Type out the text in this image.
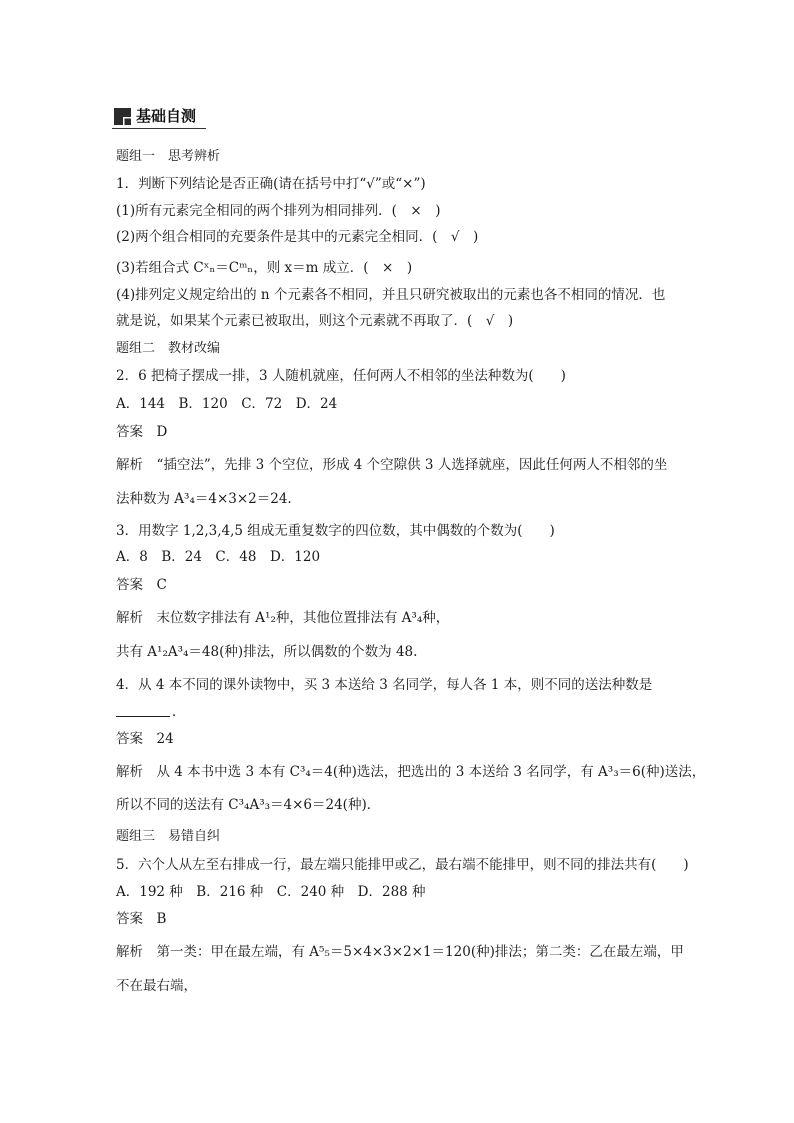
基础自测
题组一　思考辨析
1．判断下列结论是否正确(请在括号中打“√”或“×”)
(1)所有元素完全相同的两个排列为相同排列．(　×　)
(2)两个组合相同的充要条件是其中的元素完全相同．(　√　)
(3)若组合式 Cˣₙ＝Cᵐₙ，则 x＝m 成立．(　×　)
(4)排列定义规定给出的 n 个元素各不相同，并且只研究被取出的元素也各不相同的情况．也
就是说，如果某个元素已被取出，则这个元素就不再取了．(　√　)
题组二　教材改编
2．6 把椅子摆成一排，3 人随机就座，任何两人不相邻的坐法种数为(　　)
A．144　B．120　C．72　D．24
答案　D
解析　“插空法”，先排 3 个空位，形成 4 个空隙供 3 人选择就座，因此任何两人不相邻的坐
法种数为 A³₄＝4×3×2＝24.
3．用数字 1,2,3,4,5 组成无重复数字的四位数，其中偶数的个数为(　　)
A．8　B．24　C．48　D．120
答案　C
解析　末位数字排法有 A¹₂种，其他位置排法有 A³₄种，
共有 A¹₂A³₄＝48(种)排法，所以偶数的个数为 48.
4．从 4 本不同的课外读物中，买 3 本送给 3 名同学，每人各 1 本，则不同的送法种数是
．
答案　24
解析　从 4 本书中选 3 本有 C³₄＝4(种)选法，把选出的 3 本送给 3 名同学，有 A³₃＝6(种)送法，
所以不同的送法有 C³₄A³₃＝4×6＝24(种)．
题组三　易错自纠
5．六个人从左至右排成一行，最左端只能排甲或乙，最右端不能排甲，则不同的排法共有(　　)
A．192 种　B．216 种　C．240 种　D．288 种
答案　B
解析　第一类：甲在最左端，有 A⁵₅＝5×4×3×2×1＝120(种)排法；第二类：乙在最左端，甲
不在最右端，
